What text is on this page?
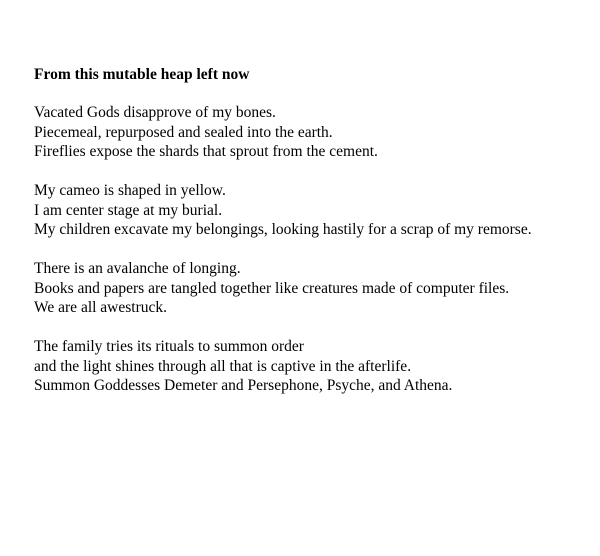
From this mutable heap left now
Vacated Gods disapprove of my bones.
Piecemeal, repurposed and sealed into the earth.
Fireflies expose the shards that sprout from the cement.
My cameo is shaped in yellow.
I am center stage at my burial.
My children excavate my belongings, looking hastily for a scrap of my remorse.
There is an avalanche of longing.
Books and papers are tangled together like creatures made of computer files.
We are all awestruck.
The family tries its rituals to summon order
and the light shines through all that is captive in the afterlife.
Summon Goddesses Demeter and Persephone, Psyche, and Athena.
